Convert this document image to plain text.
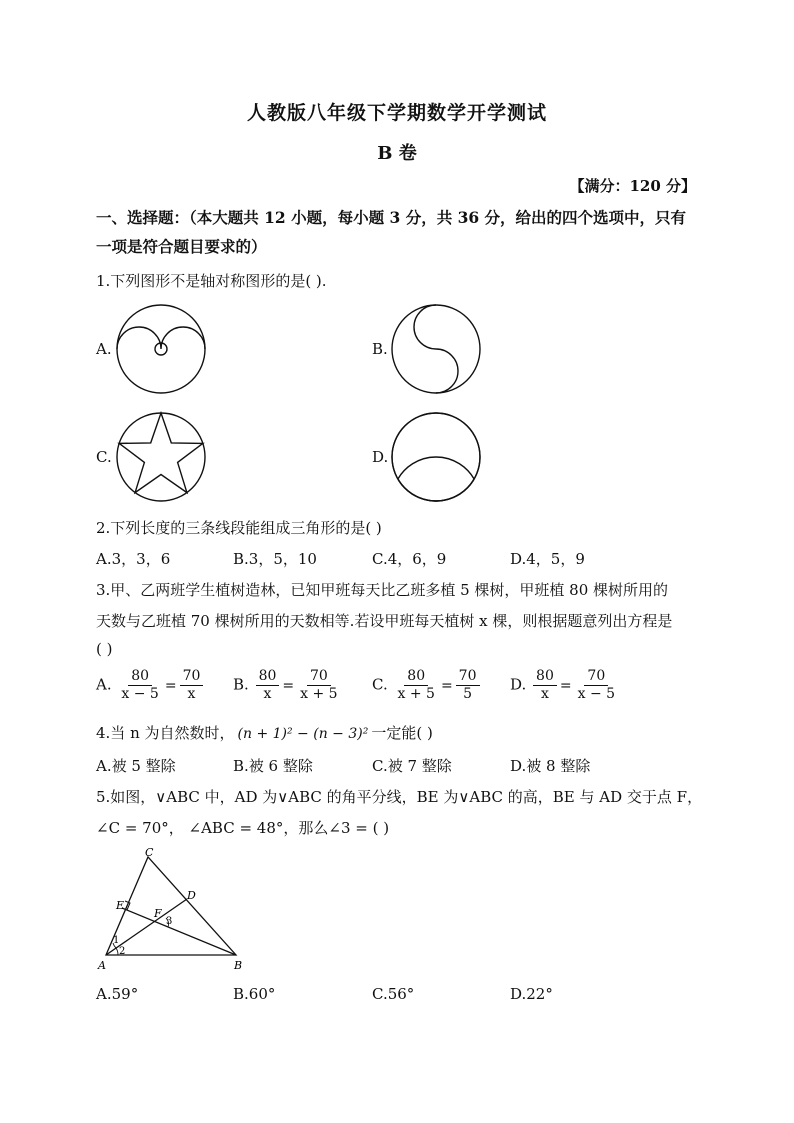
人教版八年级下学期数学开学测试
B 卷
【满分：120 分】
一、选择题：（本大题共 12 小题，每小题 3 分，共 36 分，给出的四个选项中，只有
一项是符合题目要求的）
1.下列图形不是轴对称图形的是( ).
A.	B.
C.	D.
2.下列长度的三条线段能组成三角形的是( )
A.3，3，6	B.3，5，10	C.4，6，9	D.4，5，9
3.甲、乙两班学生植树造林，已知甲班每天比乙班多植 5 棵树，甲班植 80 棵树所用的
天数与乙班植 70 棵树所用的天数相等.若设甲班每天植树 x 棵，则根据题意列出方程是
( )
A. $\frac{80}{x - 5} = \frac{70}{x} B$. $\frac{80}{x} = \frac{70}{x + 5} C$. $\frac{80}{x + 5} = \frac{70}{5} D$. $\frac{80}{x} = \frac{70}{x - 5}$
4.当 n 为自然数时， (n + 1)² − (n − 3)² 一定能( )
A.被 5 整除	B.被 6 整除	C.被 7 整除	D.被 8 整除
5.如图，∨ABC 中，AD 为∨ABC 的角平分线，BE 为∨ABC 的高，BE 与 AD 交于点 F，
∠C = 70°， ∠ABC = 48°，那么∠3 = ( )
C
A	B
D
E
F
1
2
3
A.59°	B.60°	C.56°	D.22°
